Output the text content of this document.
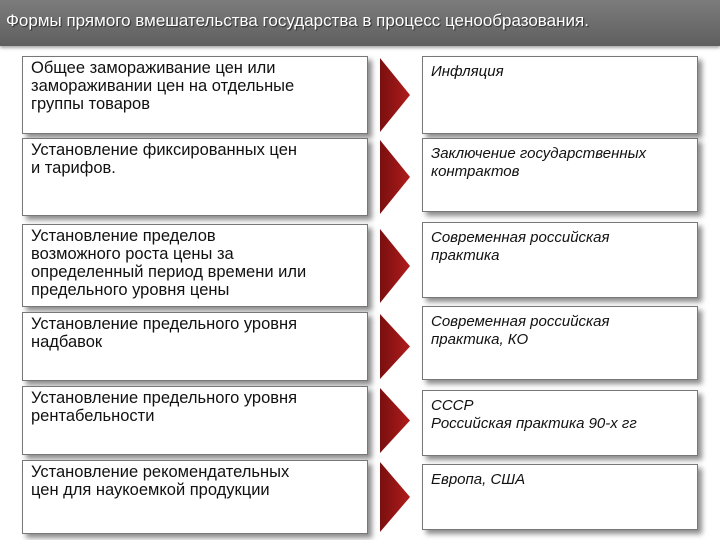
Формы прямого вмешательства государства в процесс ценообразования.
Общее замораживание цен или
замораживании цен на отдельные
группы товаров
Инфляция
Установление фиксированных цен
и тарифов.
Заключение государственных
контрактов
Установление пределов
возможного роста цены за
определенный период времени или
предельного уровня цены
Современная российская
практика
Установление предельного уровня
надбавок
Современная российская
практика, КО
Установление предельного уровня
рентабельности
СССР
Российская практика 90-х гг
Установление рекомендательных
цен для наукоемкой продукции
Европа, США
